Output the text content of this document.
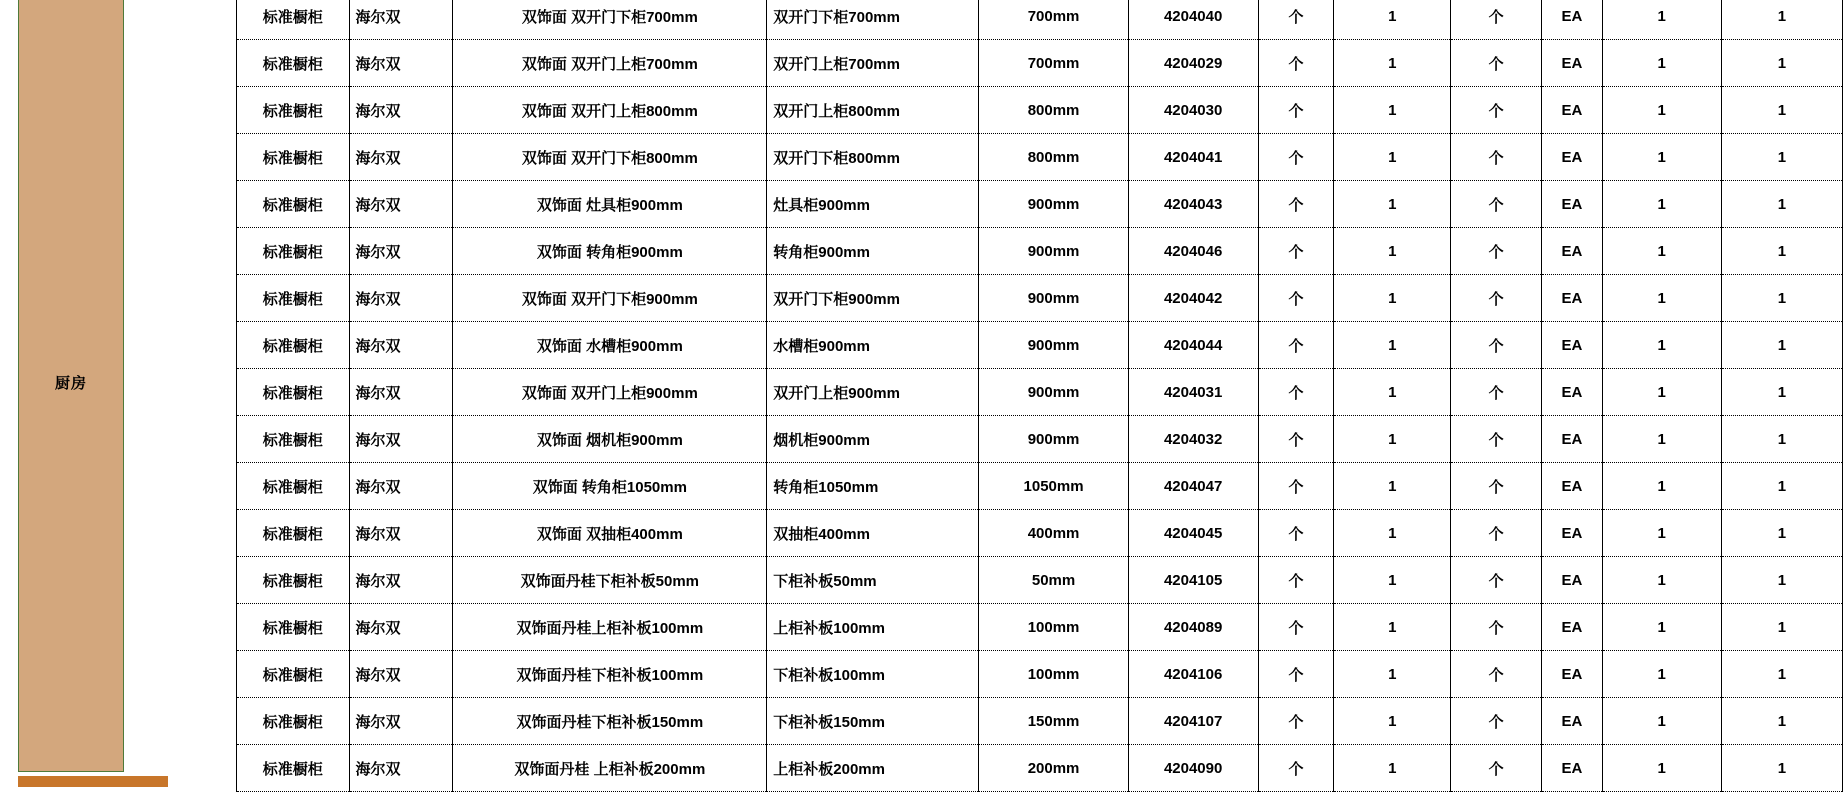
厨房
标准橱柜	海尔双	双饰面 双开门下柜700mm	双开门下柜700mm	700mm	4204040	个	1	个	EA	1	1
标准橱柜	海尔双	双饰面 双开门上柜700mm	双开门上柜700mm	700mm	4204029	个	1	个	EA	1	1
标准橱柜	海尔双	双饰面 双开门上柜800mm	双开门上柜800mm	800mm	4204030	个	1	个	EA	1	1
标准橱柜	海尔双	双饰面 双开门下柜800mm	双开门下柜800mm	800mm	4204041	个	1	个	EA	1	1
标准橱柜	海尔双	双饰面 灶具柜900mm	灶具柜900mm	900mm	4204043	个	1	个	EA	1	1
标准橱柜	海尔双	双饰面 转角柜900mm	转角柜900mm	900mm	4204046	个	1	个	EA	1	1
标准橱柜	海尔双	双饰面 双开门下柜900mm	双开门下柜900mm	900mm	4204042	个	1	个	EA	1	1
标准橱柜	海尔双	双饰面 水槽柜900mm	水槽柜900mm	900mm	4204044	个	1	个	EA	1	1
标准橱柜	海尔双	双饰面 双开门上柜900mm	双开门上柜900mm	900mm	4204031	个	1	个	EA	1	1
标准橱柜	海尔双	双饰面 烟机柜900mm	烟机柜900mm	900mm	4204032	个	1	个	EA	1	1
标准橱柜	海尔双	双饰面 转角柜1050mm	转角柜1050mm	1050mm	4204047	个	1	个	EA	1	1
标准橱柜	海尔双	双饰面 双抽柜400mm	双抽柜400mm	400mm	4204045	个	1	个	EA	1	1
标准橱柜	海尔双	双饰面丹桂下柜补板50mm	下柜补板50mm	50mm	4204105	个	1	个	EA	1	1
标准橱柜	海尔双	双饰面丹桂上柜补板100mm	上柜补板100mm	100mm	4204089	个	1	个	EA	1	1
标准橱柜	海尔双	双饰面丹桂下柜补板100mm	下柜补板100mm	100mm	4204106	个	1	个	EA	1	1
标准橱柜	海尔双	双饰面丹桂下柜补板150mm	下柜补板150mm	150mm	4204107	个	1	个	EA	1	1
标准橱柜	海尔双	双饰面丹桂 上柜补板200mm	上柜补板200mm	200mm	4204090	个	1	个	EA	1	1
